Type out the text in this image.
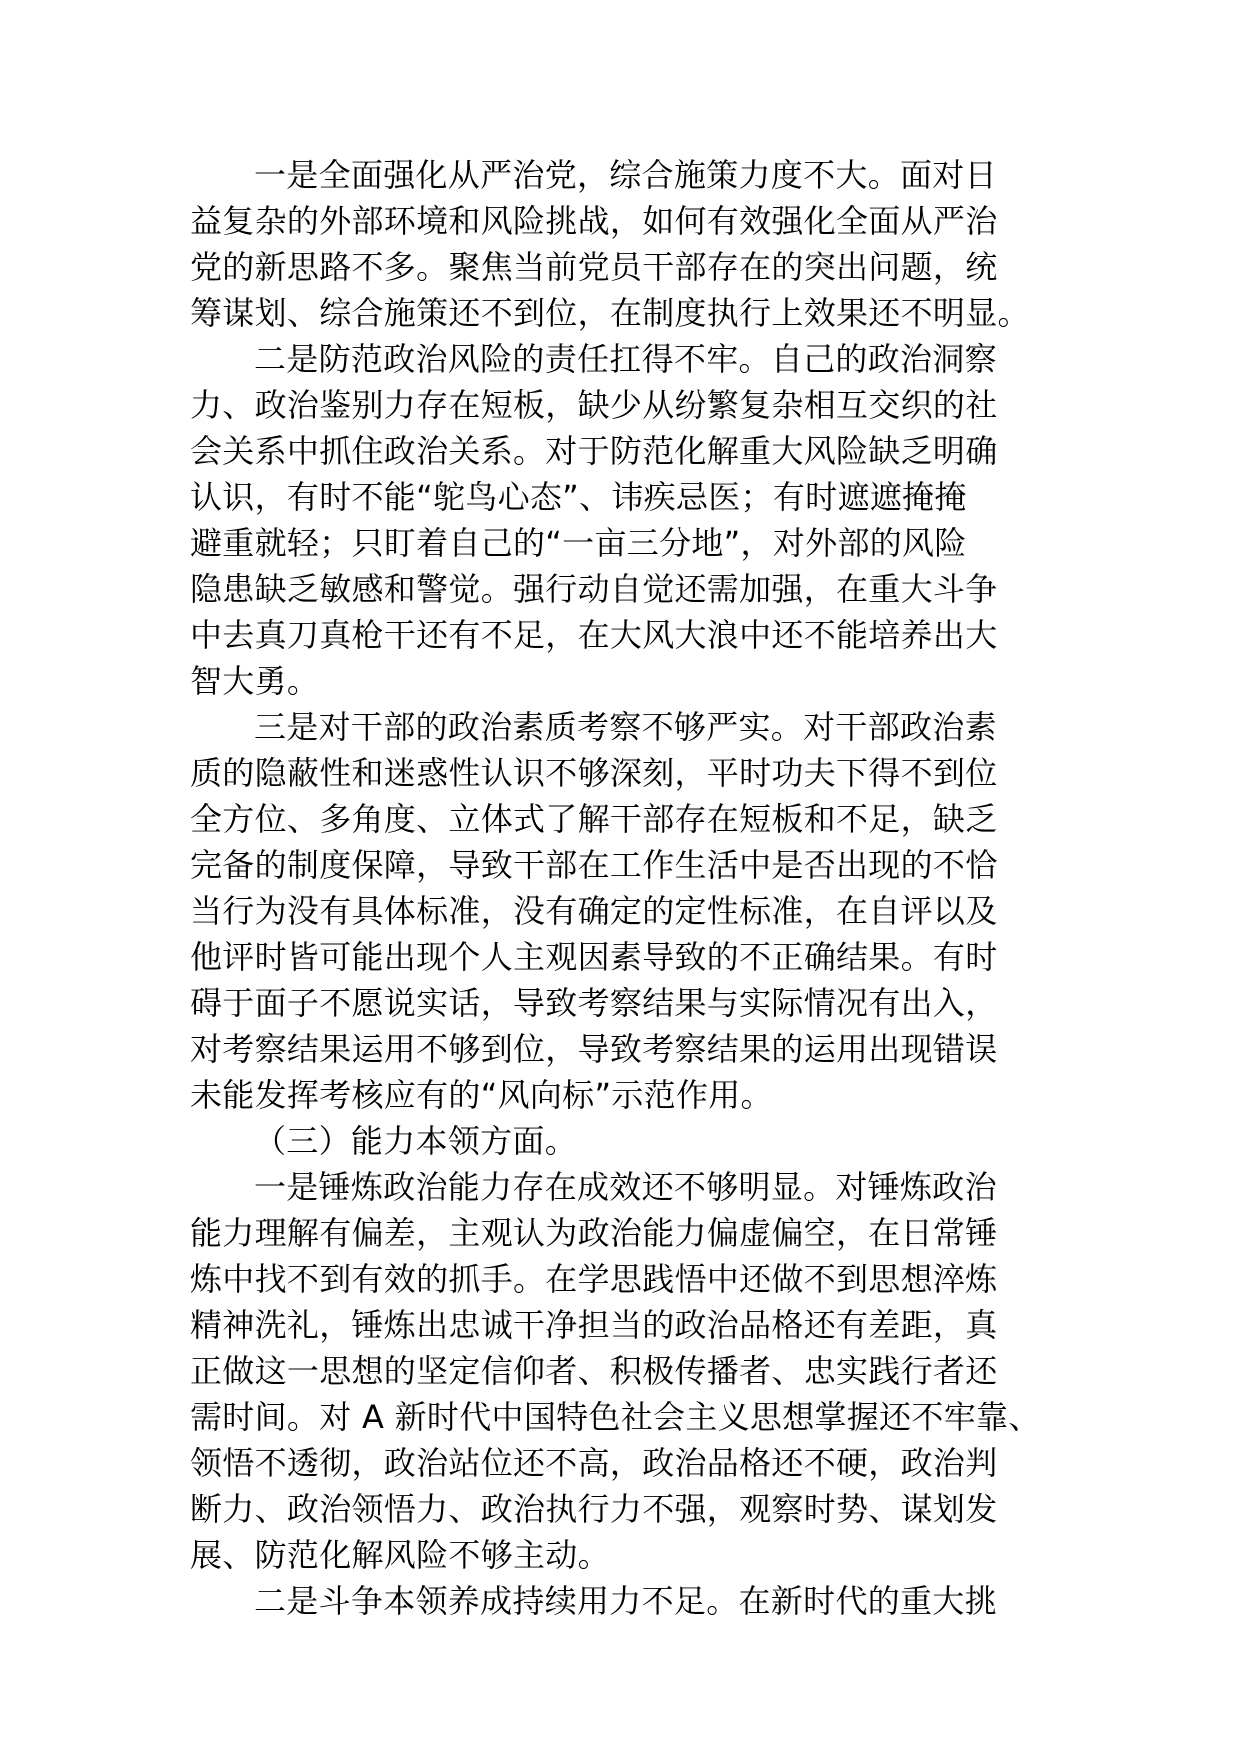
一是全面强化从严治党，综合施策力度不大。面对日
益复杂的外部环境和风险挑战，如何有效强化全面从严治
党的新思路不多。聚焦当前党员干部存在的突出问题，统
筹谋划、综合施策还不到位，在制度执行上效果还不明显。
二是防范政治风险的责任扛得不牢。自己的政治洞察
力、政治鉴别力存在短板，缺少从纷繁复杂相互交织的社
会关系中抓住政治关系。对于防范化解重大风险缺乏明确
认识，有时不能“鸵鸟心态”、讳疾忌医；有时遮遮掩掩
避重就轻；只盯着自己的“一亩三分地”，对外部的风险
隐患缺乏敏感和警觉。强行动自觉还需加强，在重大斗争
中去真刀真枪干还有不足，在大风大浪中还不能培养出大
智大勇。
三是对干部的政治素质考察不够严实。对干部政治素
质的隐蔽性和迷惑性认识不够深刻，平时功夫下得不到位
全方位、多角度、立体式了解干部存在短板和不足，缺乏
完备的制度保障，导致干部在工作生活中是否出现的不恰
当行为没有具体标准，没有确定的定性标准，在自评以及
他评时皆可能出现个人主观因素导致的不正确结果。有时
碍于面子不愿说实话，导致考察结果与实际情况有出入，
对考察结果运用不够到位，导致考察结果的运用出现错误
未能发挥考核应有的“风向标”示范作用。
（三）能力本领方面。
一是锤炼政治能力存在成效还不够明显。对锤炼政治
能力理解有偏差，主观认为政治能力偏虚偏空，在日常锤
炼中找不到有效的抓手。在学思践悟中还做不到思想淬炼
精神洗礼，锤炼出忠诚干净担当的政治品格还有差距，真
正做这一思想的坚定信仰者、积极传播者、忠实践行者还
需时间。对 A 新时代中国特色社会主义思想掌握还不牢靠、
领悟不透彻，政治站位还不高，政治品格还不硬，政治判
断力、政治领悟力、政治执行力不强，观察时势、谋划发
展、防范化解风险不够主动。
二是斗争本领养成持续用力不足。在新时代的重大挑
